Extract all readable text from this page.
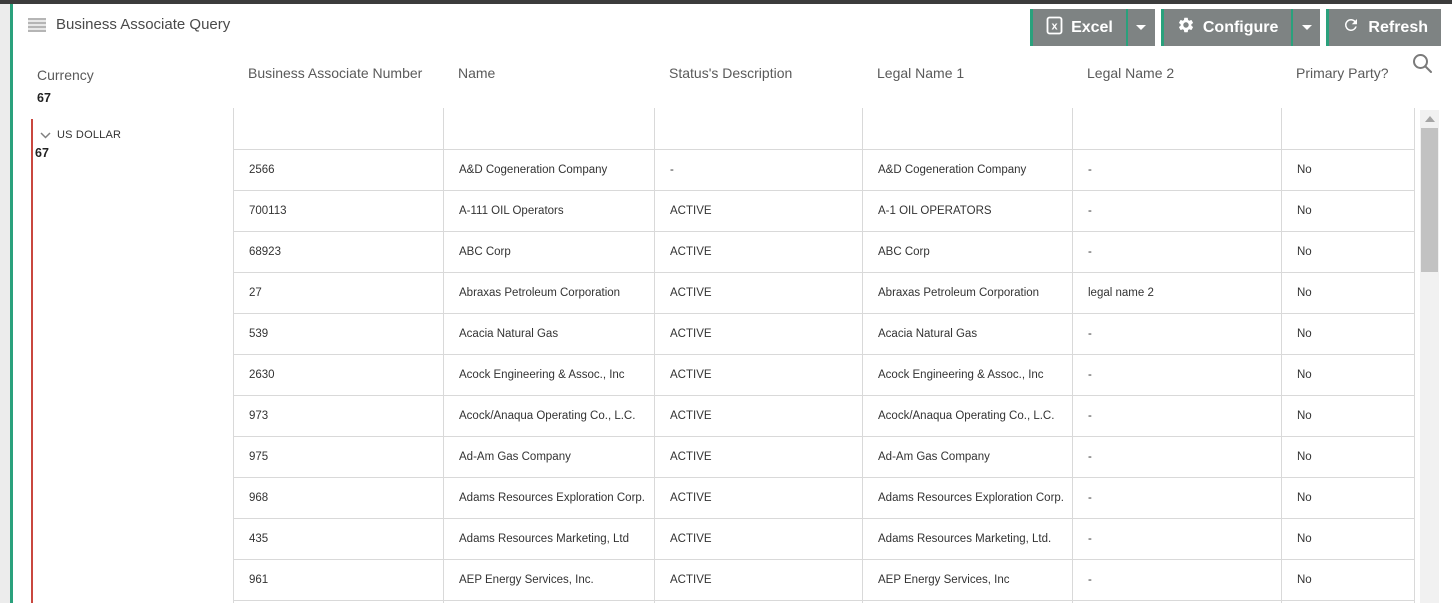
Business Associate Query	x Excel	Configure	Refresh
Currency
67
US DOLLAR
67
Business Associate Number	Name	Status's Description	Legal Name 1	Legal Name 2	Primary Party?
2566	A&D Cogeneration Company	-	A&D Cogeneration Company	-	No
700113	A-111 OIL Operators	ACTIVE	A-1 OIL OPERATORS	-	No
68923	ABC Corp	ACTIVE	ABC Corp	-	No
27	Abraxas Petroleum Corporation	ACTIVE	Abraxas Petroleum Corporation	legal name 2	No
539	Acacia Natural Gas	ACTIVE	Acacia Natural Gas	-	No
2630	Acock Engineering & Assoc., Inc	ACTIVE	Acock Engineering & Assoc., Inc	-	No
973	Acock/Anaqua Operating Co., L.C.	ACTIVE	Acock/Anaqua Operating Co., L.C.	-	No
975	Ad-Am Gas Company	ACTIVE	Ad-Am Gas Company	-	No
968	Adams Resources Exploration Corp.	ACTIVE	Adams Resources Exploration Corp.	-	No
435	Adams Resources Marketing, Ltd	ACTIVE	Adams Resources Marketing, Ltd.	-	No
961	AEP Energy Services, Inc.	ACTIVE	AEP Energy Services, Inc	-	No
